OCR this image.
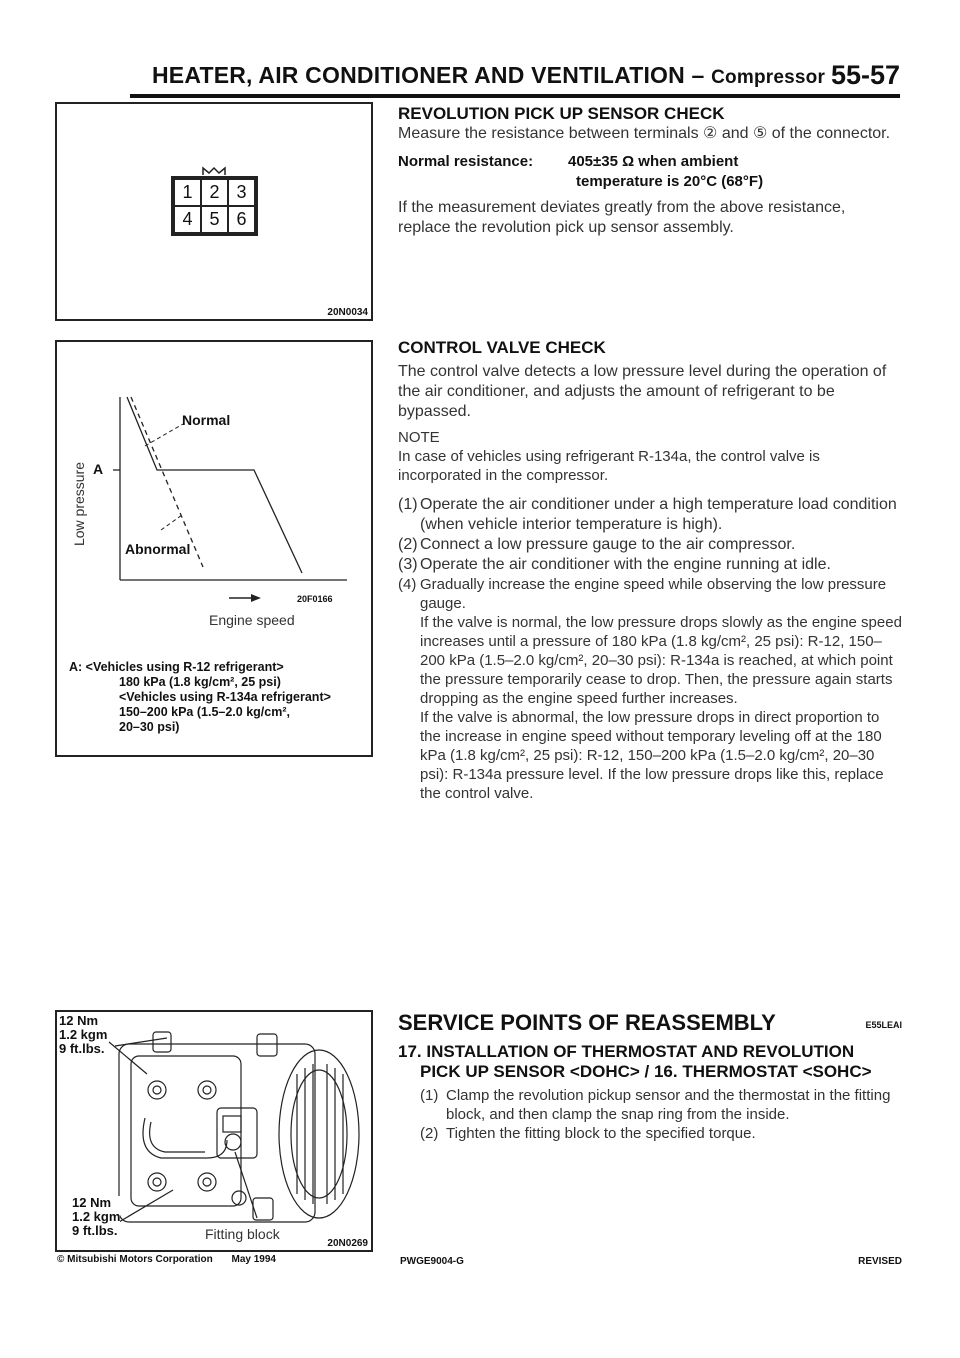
HEATER, AIR CONDITIONER AND VENTILATION – Compressor 55-57
1 2 3
4 5 6
20N0034
Low pressure A
Normal
Abnormal
20F0166
Engine speed
A: <Vehicles using R-12 refrigerant>
180 kPa (1.8 kg/cm², 25 psi)
<Vehicles using R-134a refrigerant>
150–200 kPa (1.5–2.0 kg/cm²,
20–30 psi)
12 Nm
1.2 kgm
9 ft.lbs.
12 Nm
1.2 kgm
9 ft.lbs.	Fitting block
20N0269
REVOLUTION PICK UP SENSOR CHECK
Measure the resistance between terminals ② and ⑤ of the connector.
Normal resistance:	405±35 Ω when ambient
temperature is 20°C (68°F)
If the measurement deviates greatly from the above resistance, replace the revolution pick up sensor assembly.
CONTROL VALVE CHECK
The control valve detects a low pressure level during the operation of the air conditioner, and adjusts the amount of refrigerant to be bypassed.
NOTE
In case of vehicles using refrigerant R-134a, the control valve is incorporated in the compressor.
(1) Operate the air conditioner under a high temperature load condition (when vehicle interior temperature is high).
(2) Connect a low pressure gauge to the air compressor.
(3) Operate the air conditioner with the engine running at idle.
(4) Gradually increase the engine speed while observing the low pressure gauge.
If the valve is normal, the low pressure drops slowly as the engine speed increases until a pressure of 180 kPa (1.8 kg/cm², 25 psi): R-12, 150–200 kPa (1.5–2.0 kg/cm², 20–30 psi): R-134a is reached, at which point the pressure temporarily cease to drop. Then, the pressure again starts dropping as the engine speed further increases.
If the valve is abnormal, the low pressure drops in direct proportion to the increase in engine speed without temporary leveling off at the 180 kPa (1.8 kg/cm², 25 psi): R-12, 150–200 kPa (1.5–2.0 kg/cm², 20–30 psi): R-134a pressure level. If the low pressure drops like this, replace the control valve.
SERVICE POINTS OF REASSEMBLY	E55LEAI
17. INSTALLATION OF THERMOSTAT AND REVOLUTION
PICK UP SENSOR <DOHC> / 16. THERMOSTAT <SOHC>
(1) Clamp the revolution pickup sensor and the thermostat in the fitting block, and then clamp the snap ring from the inside.
(2) Tighten the fitting block to the specified torque.
© Mitsubishi Motors Corporation May 1994	PWGE9004-G	REVISED
